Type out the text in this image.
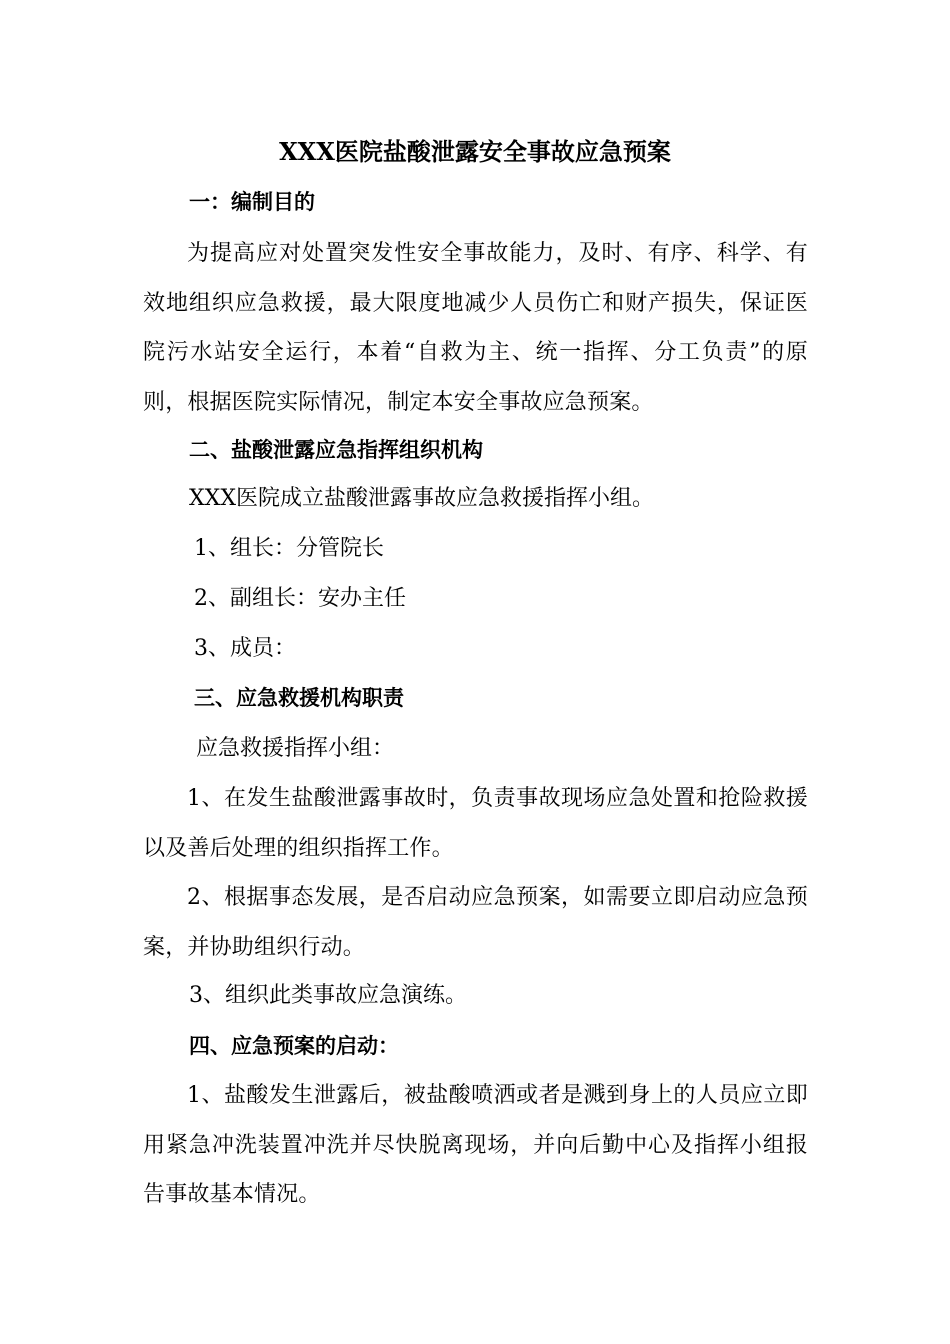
XXX医院盐酸泄露安全事故应急预案
一：编制目的

为提高应对处置突发性安全事故能力，及时、有序、科学、有效地组织应急救援，最大限度地减少人员伤亡和财产损失，保证医院污水站安全运行，本着“自救为主、统一指挥、分工负责”的原则，根据医院实际情况，制定本安全事故应急预案。

二、盐酸泄露应急指挥组织机构
XXX医院成立盐酸泄露事故应急救援指挥小组。
1、组长：分管院长
2、副组长：安办主任
3、成员：
三、应急救援机构职责
应急救援指挥小组：

1、在发生盐酸泄露事故时，负责事故现场应急处置和抢险救援以及善后处理的组织指挥工作。

2、根据事态发展，是否启动应急预案，如需要立即启动应急预案，并协助组织行动。

3、组织此类事故应急演练。
四、应急预案的启动：

1、盐酸发生泄露后，被盐酸喷洒或者是溅到身上的人员应立即用紧急冲洗装置冲洗并尽快脱离现场，并向后勤中心及指挥小组报告事故基本情况。
